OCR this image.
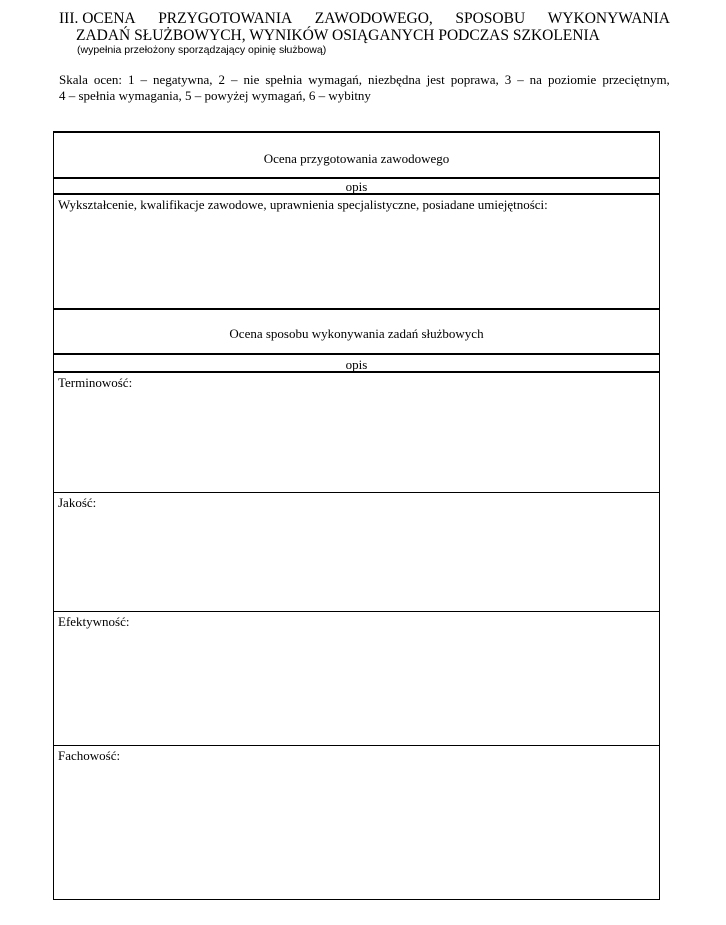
III. OCENA PRZYGOTOWANIA ZAWODOWEGO, SPOSOBU WYKONYWANIA
ZADAŃ SŁUŻBOWYCH, WYNIKÓW OSIĄGANYCH PODCZAS SZKOLENIA
(wypełnia przełożony sporządzający opinię służbową)
Skala ocen: 1 – negatywna, 2 – nie spełnia wymagań, niezbędna jest poprawa, 3 – na poziomie przeciętnym,
4 – spełnia wymagania, 5 – powyżej wymagań, 6 – wybitny
Ocena przygotowania zawodowego
opis
Wykształcenie, kwalifikacje zawodowe, uprawnienia specjalistyczne, posiadane umiejętności:
Ocena sposobu wykonywania zadań służbowych
opis
Terminowość:
Jakość:
Efektywność:
Fachowość:
